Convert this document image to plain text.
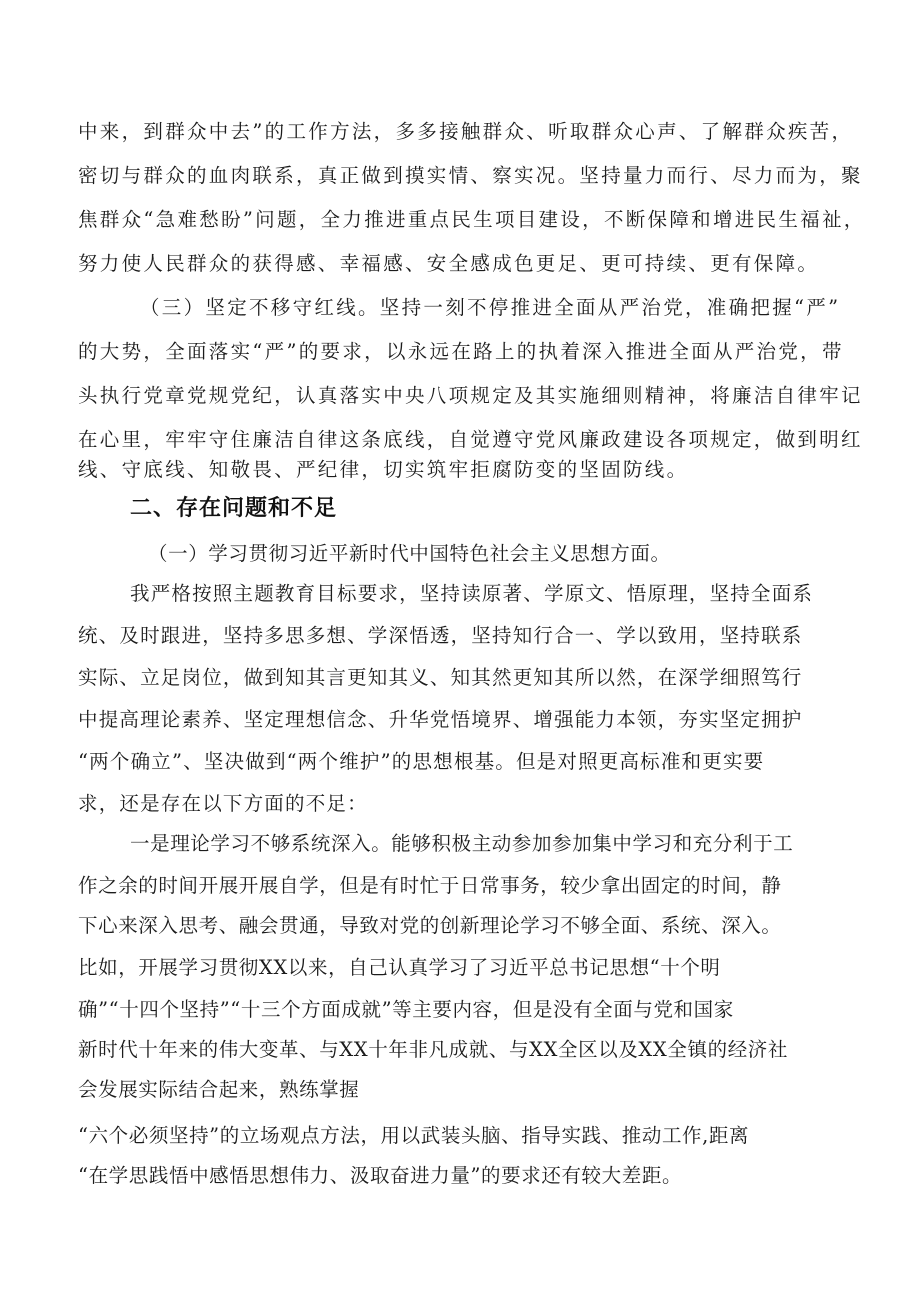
中来，到群众中去”的工作方法，多多接触群众、听取群众心声、了解群众疾苦，

密切与群众的血肉联系，真正做到摸实情、察实况。坚持量力而行、尽力而为，聚

焦群众“急难愁盼”问题，全力推进重点民生项目建设，不断保障和增进民生福祉，

努力使人民群众的获得感、幸福感、安全感成色更足、更可持续、更有保障。

（三）坚定不移守红线。坚持一刻不停推进全面从严治党，准确把握“严”

的大势，全面落实“严”的要求，以永远在路上的执着深入推进全面从严治党，带

头执行党章党规党纪，认真落实中央八项规定及其实施细则精神，将廉洁自律牢记

在心里，牢牢守住廉洁自律这条底线，自觉遵守党风廉政建设各项规定，做到明红

线、守底线、知敬畏、严纪律，切实筑牢拒腐防变的坚固防线。

二、存在问题和不足

（一）学习贯彻习近平新时代中国特色社会主义思想方面。

我严格按照主题教育目标要求，坚持读原著、学原文、悟原理，坚持全面系

统、及时跟进，坚持多思多想、学深悟透，坚持知行合一、学以致用，坚持联系

实际、立足岗位，做到知其言更知其义、知其然更知其所以然，在深学细照笃行

中提高理论素养、坚定理想信念、升华党悟境界、增强能力本领，夯实坚定拥护

“两个确立”、坚决做到“两个维护”的思想根基。但是对照更高标准和更实要

求，还是存在以下方面的不足：

一是理论学习不够系统深入。能够积极主动参加参加集中学习和充分利于工

作之余的时间开展开展自学，但是有时忙于日常事务，较少拿出固定的时间，静

下心来深入思考、融会贯通，导致对党的创新理论学习不够全面、系统、深入。

比如，开展学习贯彻XX以来，自己认真学习了习近平总书记思想“十个明

确”“十四个坚持”“十三个方面成就”等主要内容，但是没有全面与党和国家

新时代十年来的伟大变革、与XX十年非凡成就、与XX全区以及XX全镇的经济社

会发展实际结合起来，熟练掌握

“六个必须坚持”的立场观点方法，用以武装头脑、指导实践、推动工作,距离

“在学思践悟中感悟思想伟力、汲取奋进力量”的要求还有较大差距。
